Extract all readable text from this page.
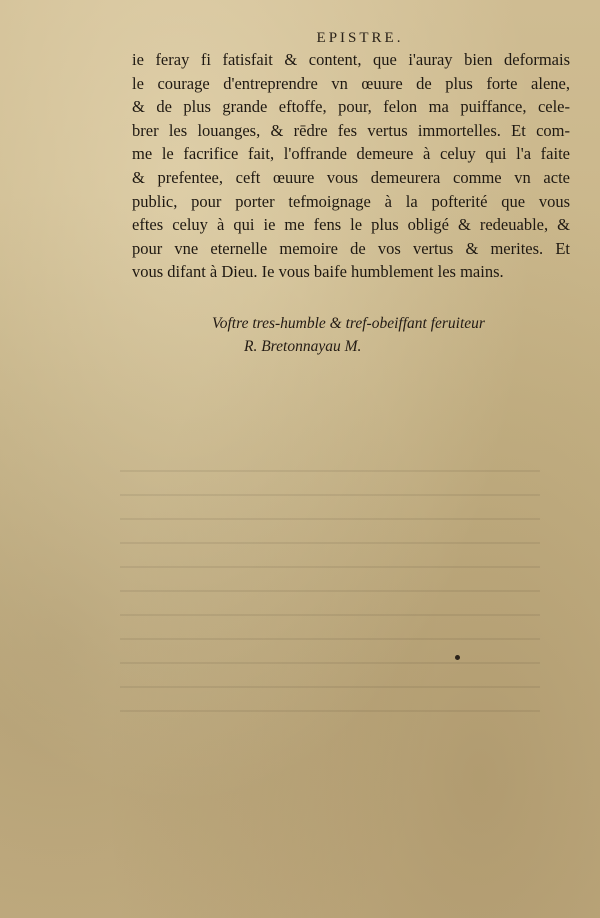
EPISTRE.
ie feray fi fatisfait & content, que i'auray bien deformais
le courage d'entreprendre vn œuure de plus forte alene,
& de plus grande eftoffe, pour, felon ma puiffance, cele-
brer les louanges, & rēdre fes vertus immortelles. Et com-
me le facrifice fait, l'offrande demeure à celuy qui l'a faite
& prefentee, ceft œuure vous demeurera comme vn acte
public, pour porter tefmoignage à la pofterité que vous
eftes celuy à qui ie me fens le plus obligé & redeuable, &
pour vne eternelle memoire de vos vertus & merites. Et
vous difant à Dieu. Ie vous baife humblement les mains.
Voftre tres-humble & tref-obeiffant feruiteur
R. Bretonnayau M.
